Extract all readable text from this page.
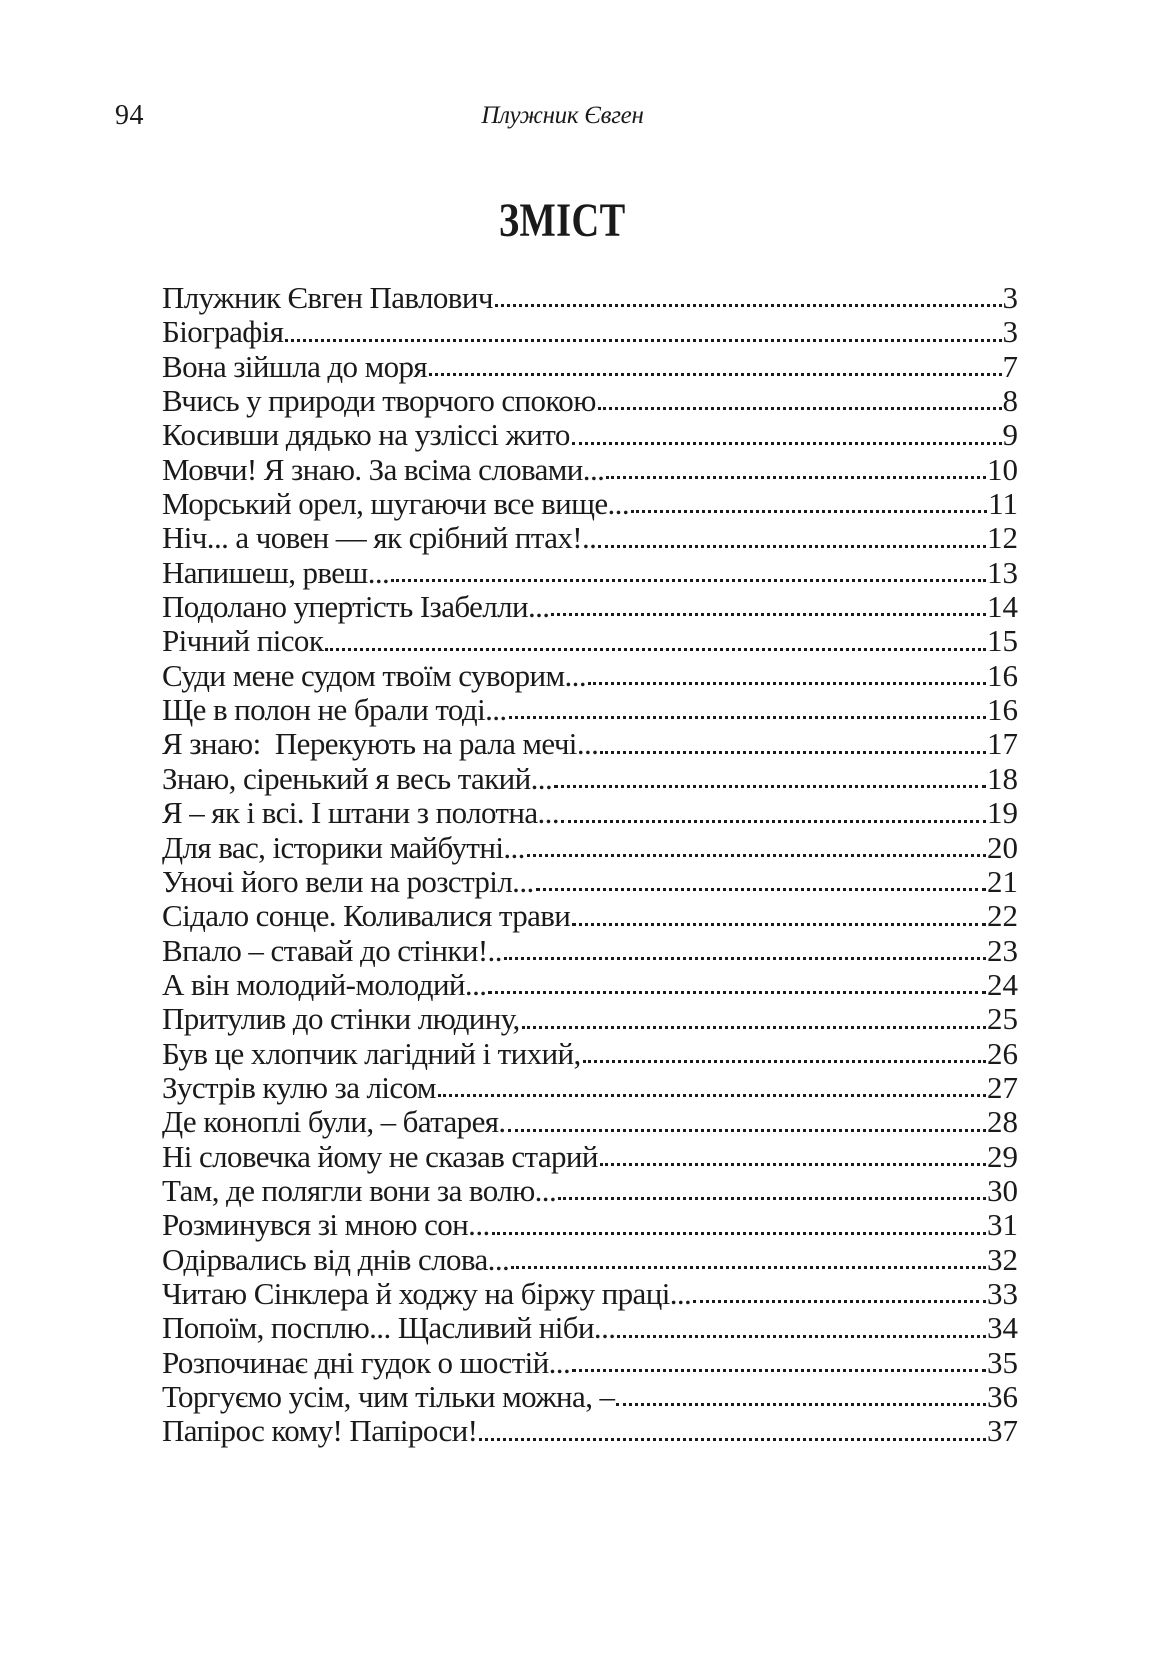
94	Плужник Євген
ЗМІСТ
Плужник Євген Павлович	3
Біографія	3
Вона зійшла до моря	7
Вчись у природи творчого спокою	8
Косивши дядько на узліссі жито	9
Мовчи! Я знаю. За всіма словами...	10
Морський орел, шугаючи все вище...	11
Ніч... а човен — як срібний птах!..	12
Напишеш, рвеш...	13
Подолано упертість Ізабелли...	14
Річний пісок	15
Суди мене судом твоїм суворим...	16
Ще в полон не брали тоді...	16
Я знаю:  Перекують на рала мечі...	17
Знаю, сіренький я весь такий...	18
Я – як і всі. І штани з полотна...	19
Для вас, історики майбутні...	20
Уночі його вели на розстріл...	21
Сідало сонце. Коливалися трави	22
Впало – ставай до стінки!..	23
А він молодий-молодий...	24
Притулив до стінки людину,	25
Був це хлопчик лагідний і тихий,	26
Зустрів кулю за лісом	27
Де коноплі були, – батарея.	28
Ні словечка йому не сказав старий	29
Там, де полягли вони за волю...	30
Розминувся зі мною сон...	31
Одірвались від днів слова...	32
Читаю Сінклера й ходжу на біржу праці...	33
Попоїм, посплю... Щасливий ніби...	34
Розпочинає дні гудок о шостій...	35
Торгуємо усім, чим тільки можна, –	36
Папірос кому! Папіроси!	37
